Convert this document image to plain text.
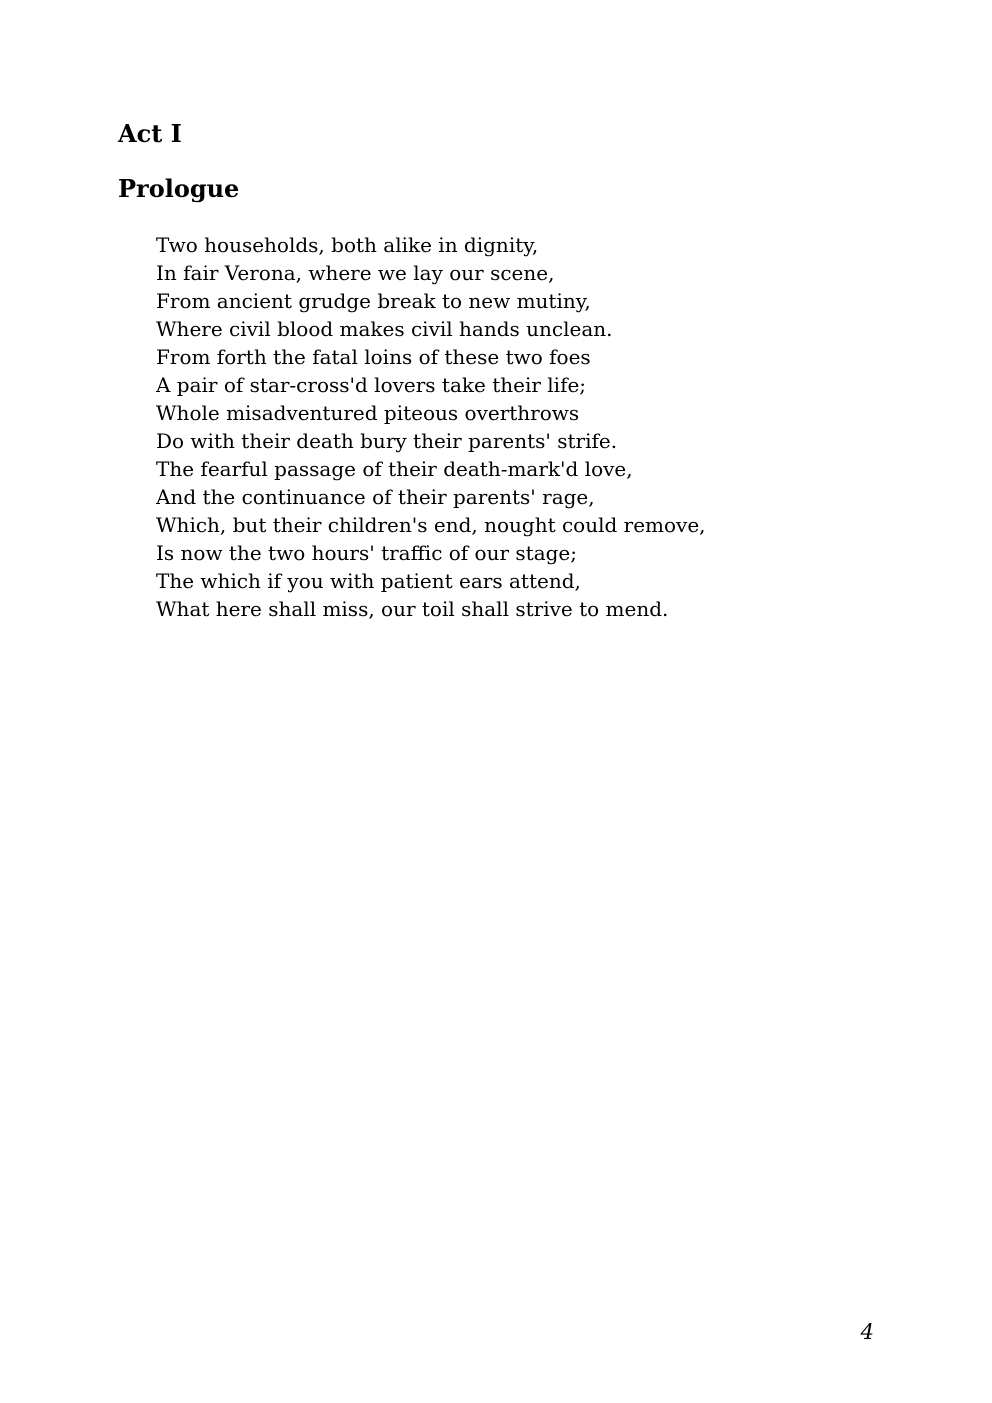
Act I
Prologue
Two households, both alike in dignity,
In fair Verona, where we lay our scene,
From ancient grudge break to new mutiny,
Where civil blood makes civil hands unclean.
From forth the fatal loins of these two foes
A pair of star-cross'd lovers take their life;
Whole misadventured piteous overthrows
Do with their death bury their parents' strife.
The fearful passage of their death-mark'd love,
And the continuance of their parents' rage,
Which, but their children's end, nought could remove,
Is now the two hours' traffic of our stage;
The which if you with patient ears attend,
What here shall miss, our toil shall strive to mend.
4
